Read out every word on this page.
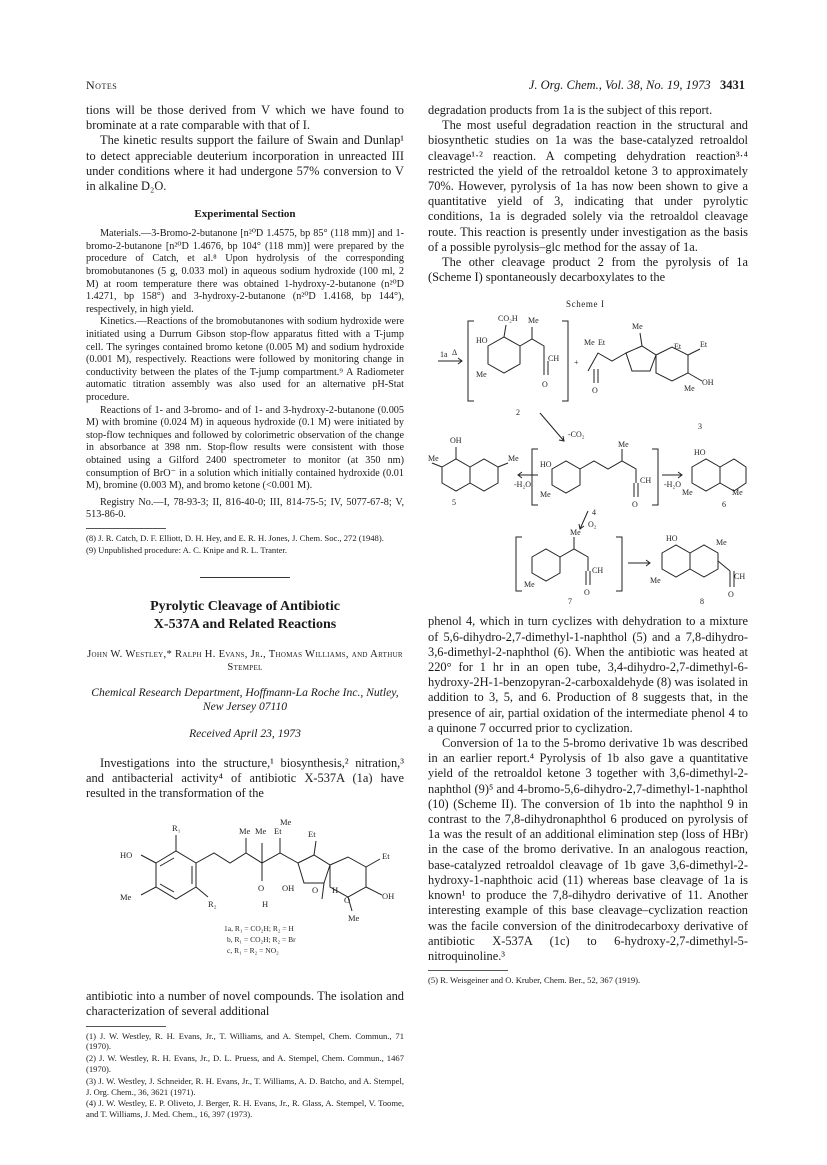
Notes	J. Org. Chem., Vol. 38, No. 19, 1973 3431

tions will be those derived from V which we have found to brominate at a rate comparable with that of I.

The kinetic results support the failure of Swain and Dunlap¹ to detect appreciable deuterium incorporation in unreacted III under conditions where it had undergone 57% conversion to V in alkaline D₂O.

Experimental Section

Materials.—3-Bromo-2-butanone [n²⁰D 1.4575, bp 85° (118 mm)] and 1-bromo-2-butanone [n²⁰D 1.4676, bp 104° (118 mm)] were prepared by the procedure of Catch, et al.⁸ Upon hydrolysis of the corresponding bromobutanones (5 g, 0.033 mol) in aqueous sodium hydroxide (100 ml, 2 M) at room temperature there was obtained 1-hydroxy-2-butanone (n²⁰D 1.4271, bp 158°) and 3-hydroxy-2-butanone (n²⁰D 1.4168, bp 144°), respectively, in high yield.

Kinetics.—Reactions of the bromobutanones with sodium hydroxide were initiated using a Durrum Gibson stop-flow apparatus fitted with a T-jump cell. The syringes contained bromo ketone (0.005 M) and sodium hydroxide (0.001 M), respectively. Reactions were followed by monitoring change in conductivity between the plates of the T-jump compartment.⁹ A Radiometer automatic titration assembly was also used for an alternative pH-Stat procedure.

Reactions of 1- and 3-bromo- and of 1- and 3-hydroxy-2-butanone (0.005 M) with bromine (0.024 M) in aqueous hydroxide (0.1 M) were initiated by stop-flow techniques and followed by colorimetric observation of the change in absorbance at 398 nm. Stop-flow results were consistent with those obtained using a Gilford 2400 spectrometer to monitor (at 350 nm) consumption of BrO⁻ in a solution which initially contained hydroxide (0.01 M), bromine (0.003 M), and bromo ketone (<0.001 M).

Registry No.—I, 78-93-3; II, 816-40-0; III, 814-75-5; IV, 5077-67-8; V, 513-86-0.

(8) J. R. Catch, D. F. Elliott, D. H. Hey, and E. R. H. Jones, J. Chem. Soc., 272 (1948).

(9) Unpublished procedure: A. C. Knipe and R. L. Tranter.

Pyrolytic Cleavage of Antibiotic

X-537A and Related Reactions

John W. Westley,* Ralph H. Evans, Jr., Thomas Williams, and Arthur Stempel

Chemical Research Department, Hoffmann-La Roche Inc., Nutley, New Jersey 07110

Received April 23, 1973

Investigations into the structure,¹ biosynthesis,² nitration,³ and antibacterial activity⁴ of antibiotic X-537A (1a) have resulted in the transformation of the

R₁
HO
Me
R₂
Me Me Et
Me
O OH
H
O
Et
H
O
Et
OH
Me
1a, R₁ = CO₂H; R₂ = H
b, R₁ = CO₂H; R₂ = Br
c, R₁ = R₂ = NO₂

antibiotic into a number of novel compounds. The isolation and characterization of several additional

(1) J. W. Westley, R. H. Evans, Jr., T. Williams, and A. Stempel, Chem. Commun., 71 (1970).

(2) J. W. Westley, R. H. Evans, Jr., D. L. Pruess, and A. Stempel, Chem. Commun., 1467 (1970).

(3) J. W. Westley, J. Schneider, R. H. Evans, Jr., T. Williams, A. D. Batcho, and A. Stempel, J. Org. Chem., 36, 3621 (1971).

(4) J. W. Westley, E. P. Oliveto, J. Berger, R. H. Evans, Jr., R. Glass, A. Stempel, V. Toome, and T. Williams, J. Med. Chem., 16, 397 (1973).

degradation products from 1a is the subject of this report.

The most useful degradation reaction in the structural and biosynthetic studies on 1a was the base-catalyzed retroaldol cleavage¹·² reaction. A competing dehydration reaction³·⁴ restricted the yield of the retroaldol ketone 3 to approximately 70%. However, pyrolysis of 1a has now been shown to give a quantitative yield of 3, indicating that under pyrolytic conditions, 1a is degraded solely via the retroaldol cleavage route. This reaction is presently under investigation as the basis of a possible pyrolysis–glc method for the assay of 1a.

The other cleavage product 2 from the pyrolysis of 1a (Scheme I) spontaneously decarboxylates to the

Scheme I
1a Δ
CO₂H Me
HO
Me
CH
O
2
+
Me Et
Me
O
Et Et
OH
Me
3
-CO₂
OH
Me	Me
5
-H₂O
HO
Me
Me
CH
O
4
-H₂O
HO
Me	Me
6
O₂
Me
Me
CH
O
7
HO
Me
Me
CH
O
8

phenol 4, which in turn cyclizes with dehydration to a mixture of 5,6-dihydro-2,7-dimethyl-1-naphthol (5) and a 7,8-dihydro-3,6-dimethyl-2-naphthol (6). When the antibiotic was heated at 220° for 1 hr in an open tube, 3,4-dihydro-2,7-dimethyl-6-hydroxy-2H-1-benzopyran-2-carboxaldehyde (8) was isolated in addition to 3, 5, and 6. Production of 8 suggests that, in the presence of air, partial oxidation of the intermediate phenol 4 to a quinone 7 occurred prior to cyclization.

Conversion of 1a to the 5-bromo derivative 1b was described in an earlier report.⁴ Pyrolysis of 1b also gave a quantitative yield of the retroaldol ketone 3 together with 3,6-dimethyl-2-naphthol (9)⁵ and 4-bromo-5,6-dihydro-2,7-dimethyl-1-naphthol (10) (Scheme II). The conversion of 1b into the naphthol 9 in contrast to the 7,8-dihydronaphthol 6 produced on pyrolysis of 1a was the result of an additional elimination step (loss of HBr) in the case of the bromo derivative. In an analogous reaction, base-catalyzed retroaldol cleavage of 1b gave 3,6-dimethyl-2-hydroxy-1-naphthoic acid (11) whereas base cleavage of 1a is known¹ to produce the 7,8-dihydro derivative of 11. Another interesting example of this base cleavage–cyclization reaction was the facile conversion of the dinitrodecarboxy derivative of antibiotic X-537A (1c) to 6-hydroxy-2,7-dimethyl-5-nitroquinoline.³

(5) R. Weisgeiner and O. Kruber, Chem. Ber., 52, 367 (1919).
